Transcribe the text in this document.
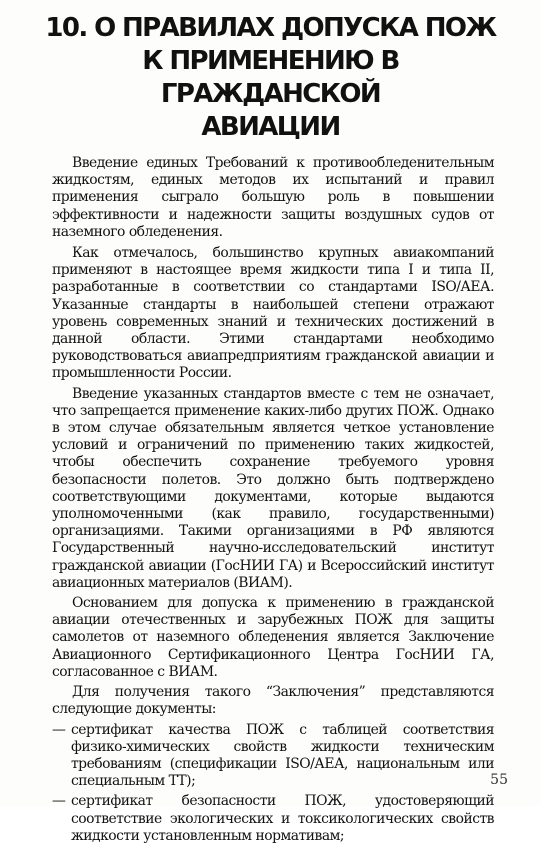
10. О ПРАВИЛАХ ДОПУСКА ПОЖ
К ПРИМЕНЕНИЮ В ГРАЖДАНСКОЙ
АВИАЦИИ

Введение единых Требований к противообледенительным жидкостям, единых методов их испытаний и правил применения сыграло большую роль в повышении эффективности и надежности защиты воздушных судов от наземного обледенения.

Как отмечалось, большинство крупных авиакомпаний применяют в настоящее время жидкости типа I и типа II, разработанные в соответствии со стандартами ISO/АЕА. Указанные стандарты в наибольшей степени отражают уровень современных знаний и технических достижений в данной области. Этими стандартами необходимо руководствоваться авиапредприятиям гражданской авиации и промышленности России.

Введение указанных стандартов вместе с тем не означает, что запрещается применение каких-либо других ПОЖ. Однако в этом случае обязательным является четкое установление условий и ограничений по применению таких жидкостей, чтобы обеспечить сохранение требуемого уровня безопасности полетов. Это должно быть подтверждено соответствующими документами, которые выдаются уполномоченными (как правило, государственными) организациями. Такими организациями в РФ являются Государственный научно-исследовательский институт гражданской авиации (ГосНИИ ГА) и Всероссийский институт авиационных материалов (ВИАМ).

Основанием для допуска к применению в гражданской авиации отечественных и зарубежных ПОЖ для защиты самолетов от наземного обледенения является Заключение Авиационного Сертификационного Центра ГосНИИ ГА, согласованное с ВИАМ.

Для получения такого “Заключения” представляются следующие документы:

— сертификат качества ПОЖ с таблицей соответствия физико-химических свойств жидкости техническим требованиям (спецификации ISO/АЕА, национальным или специальным ТТ);
— сертификат безопасности ПОЖ, удостоверяющий соответствие экологических и токсикологических свойств жидкости установленным нормативам;
55
